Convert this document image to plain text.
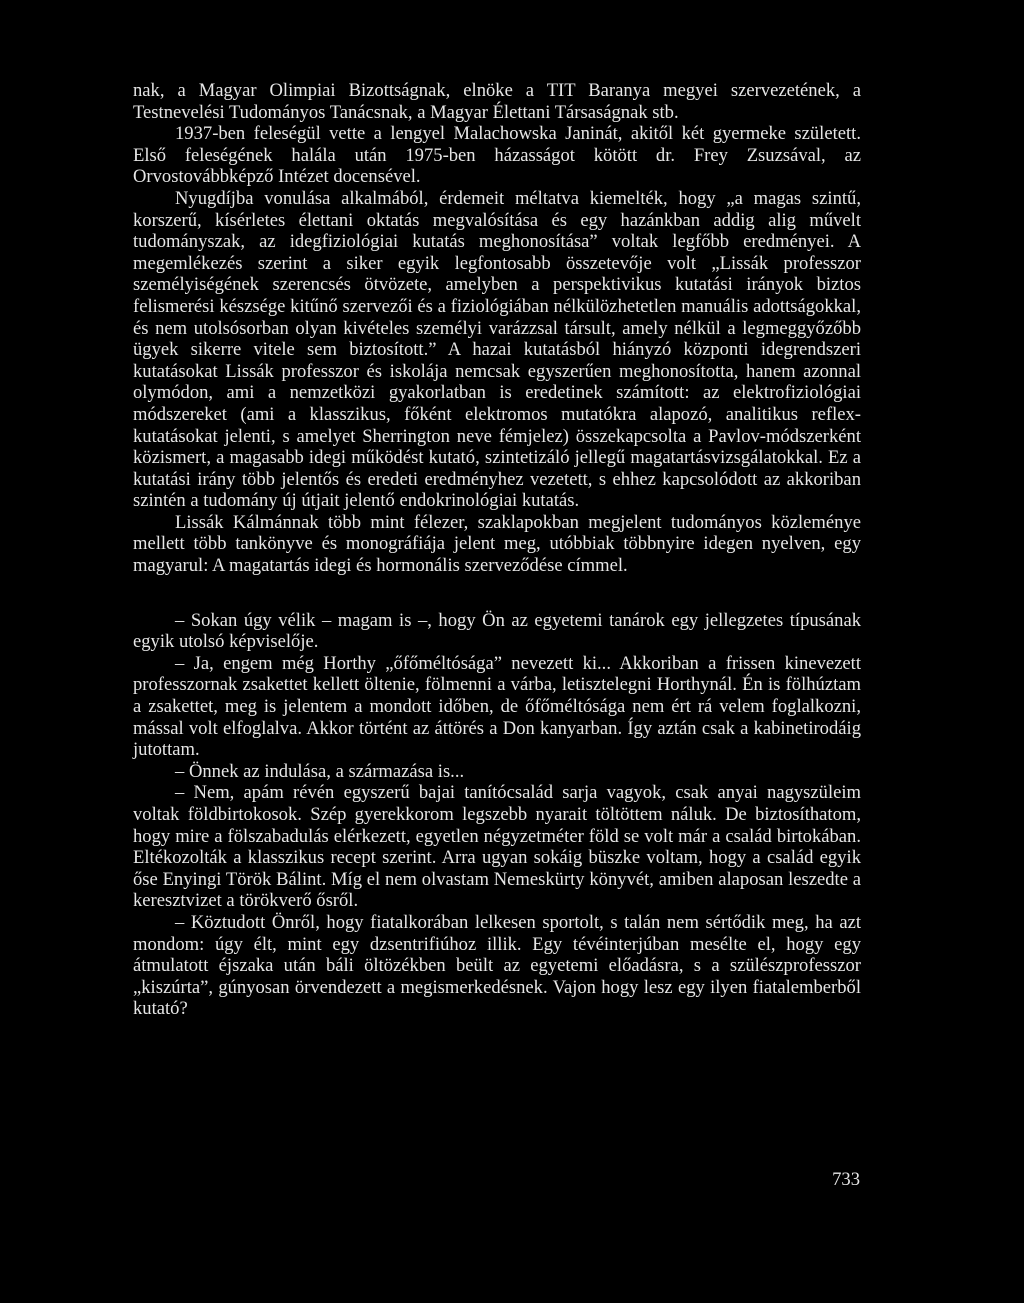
nak, a Magyar Olimpiai Bizottságnak, elnöke a TIT Baranya megyei szervezetének, a Testnevelési Tudományos Tanácsnak, a Magyar Élettani Társaságnak stb.

1937-ben feleségül vette a lengyel Malachowska Janinát, akitől két gyermeke született. Első feleségének halála után 1975-ben házasságot kötött dr. Frey Zsuzsával, az Orvostovábbképző Intézet docensével.

Nyugdíjba vonulása alkalmából, érdemeit méltatva kiemelték, hogy „a magas szintű, korszerű, kísérletes élettani oktatás megvalósítása és egy hazánkban addig alig művelt tudományszak, az idegfiziológiai kutatás meghonosítása” voltak legfőbb eredményei. A megemlékezés szerint a siker egyik legfontosabb összetevője volt „Lissák professzor személyiségének szerencsés ötvözete, amelyben a perspektivikus kutatási irányok biztos felismerési készsége kitűnő szervezői és a fiziológiában nélkülözhetetlen manuális adottságokkal, és nem utolsósorban olyan kivételes személyi varázzsal társult, amely nélkül a legmeggyőzőbb ügyek sikerre vitele sem biztosított.” A hazai kutatásból hiányzó központi idegrendszeri kutatásokat Lissák professzor és iskolája nemcsak egyszerűen meghonosította, hanem azonnal olymódon, ami a nemzetközi gyakorlatban is eredetinek számított: az elektrofiziológiai módszereket (ami a klasszikus, főként elektromos mutatókra alapozó, analitikus reflex-kutatásokat jelenti, s amelyet Sherrington neve fémjelez) összekapcsolta a Pavlov-módszerként közismert, a magasabb idegi működést kutató, szintetizáló jellegű magatartásvizsgálatokkal. Ez a kutatási irány több jelentős és eredeti eredményhez vezetett, s ehhez kapcsolódott az akkoriban szintén a tudomány új útjait jelentő endokrinológiai kutatás.

Lissák Kálmánnak több mint félezer, szaklapokban megjelent tudományos közleménye mellett több tankönyve és monográfiája jelent meg, utóbbiak többnyire idegen nyelven, egy magyarul: A magatartás idegi és hormonális szerveződése címmel.

– Sokan úgy vélik – magam is –, hogy Ön az egyetemi tanárok egy jellegzetes típusának egyik utolsó képviselője.

– Ja, engem még Horthy „őfőméltósága” nevezett ki... Akkoriban a frissen kinevezett professzornak zsakettet kellett öltenie, fölmenni a várba, letisztelegni Horthynál. Én is fölhúztam a zsakettet, meg is jelentem a mondott időben, de őfőméltósága nem ért rá velem foglalkozni, mással volt elfoglalva. Akkor történt az áttörés a Don kanyarban. Így aztán csak a kabinetirodáig jutottam.

– Önnek az indulása, a származása is...

– Nem, apám révén egyszerű bajai tanítócsalád sarja vagyok, csak anyai nagyszüleim voltak földbirtokosok. Szép gyerekkorom legszebb nyarait töltöttem náluk. De biztosíthatom, hogy mire a fölszabadulás elérkezett, egyetlen négyzetméter föld se volt már a család birtokában. Eltékozolták a klasszikus recept szerint. Arra ugyan sokáig büszke voltam, hogy a család egyik őse Enyingi Török Bálint. Míg el nem olvastam Nemeskürty könyvét, amiben alaposan leszedte a keresztvizet a törökverő ősről.

– Köztudott Önről, hogy fiatalkorában lelkesen sportolt, s talán nem sértődik meg, ha azt mondom: úgy élt, mint egy dzsentrifiúhoz illik. Egy tévéinterjúban mesélte el, hogy egy átmulatott éjszaka után báli öltözékben beült az egyetemi előadásra, s a szülészprofesszor „kiszúrta”, gúnyosan örvendezett a megismerkedésnek. Vajon hogy lesz egy ilyen fiatalemberből kutató?

733
